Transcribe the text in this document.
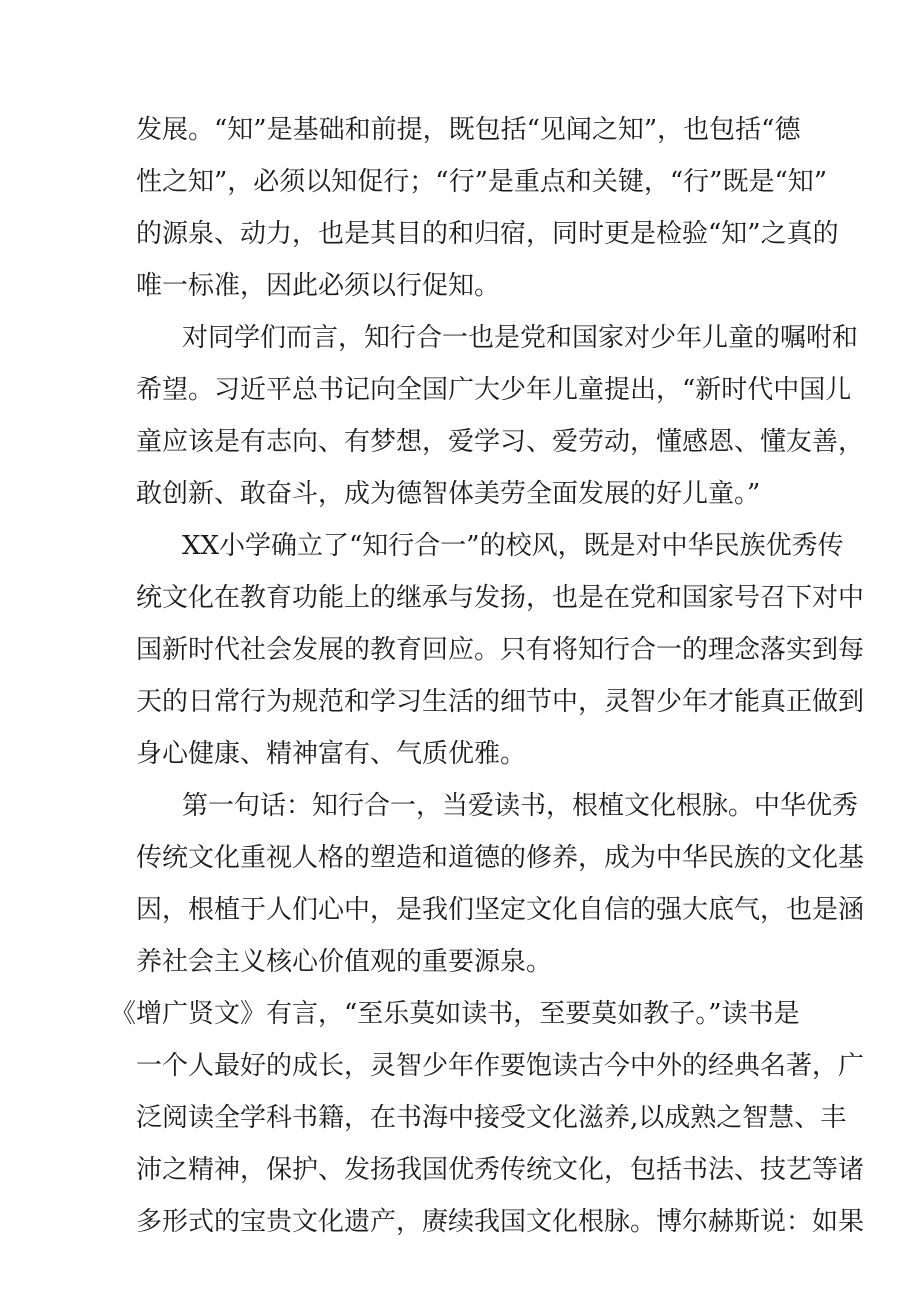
发展。“知”是基础和前提，既包括“见闻之知”，也包括“德
性之知”，必须以知促行；“行”是重点和关键，“行”既是“知”
的源泉、动力，也是其目的和归宿，同时更是检验“知”之真的
唯一标准，因此必须以行促知。
对同学们而言，知行合一也是党和国家对少年儿童的嘱咐和
希望。习近平总书记向全国广大少年儿童提出，“新时代中国儿
童应该是有志向、有梦想，爱学习、爱劳动，懂感恩、懂友善，
敢创新、敢奋斗，成为德智体美劳全面发展的好儿童。”
XX小学确立了“知行合一”的校风，既是对中华民族优秀传
统文化在教育功能上的继承与发扬，也是在党和国家号召下对中
国新时代社会发展的教育回应。只有将知行合一的理念落实到每
天的日常行为规范和学习生活的细节中，灵智少年才能真正做到
身心健康、精神富有、气质优雅。
第一句话：知行合一，当爱读书，根植文化根脉。中华优秀
传统文化重视人格的塑造和道德的修养，成为中华民族的文化基
因，根植于人们心中，是我们坚定文化自信的强大底气，也是涵
养社会主义核心价值观的重要源泉。
《增广贤文》有言，“至乐莫如读书，至要莫如教子。”读书是
一个人最好的成长，灵智少年作要饱读古今中外的经典名著，广
泛阅读全学科书籍，在书海中接受文化滋养,以成熟之智慧、丰
沛之精神，保护、发扬我国优秀传统文化，包括书法、技艺等诸
多形式的宝贵文化遗产，赓续我国文化根脉。博尔赫斯说：如果
